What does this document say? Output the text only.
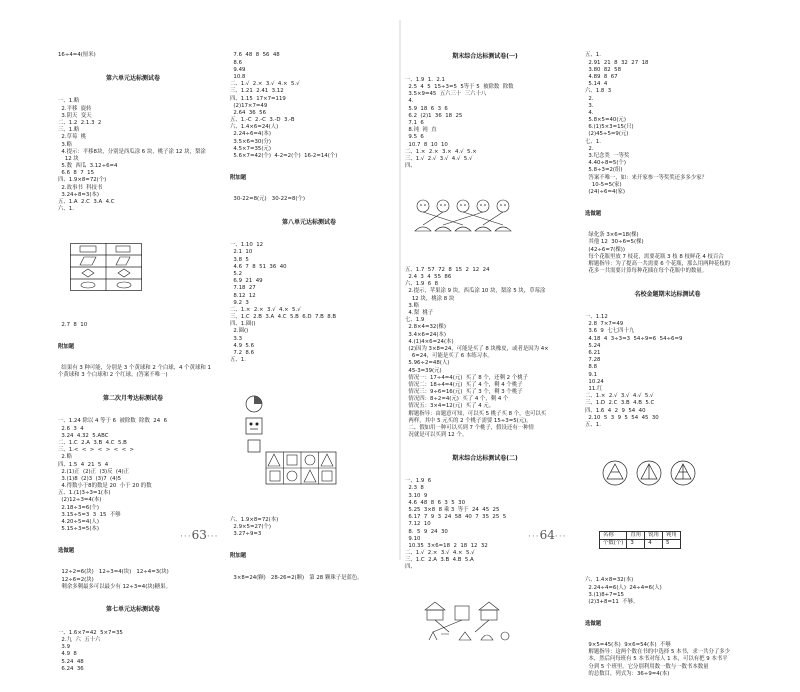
16÷4=4(厘米)

第六单元达标测试卷

一、1.略
2.平移  旋转
3.阴天  变天
二、1.2  2.1.3  2
三、1.略
2.草莓  桃
3.略
4.提示：平移8块，分别是西瓜涂 6 块，桃子涂 12 块，梨涂
12 块
5.数  西瓜  3.12÷6=4
6.6  8  7  15
四、1.9×8=72(个)
2.故事书  科技书
3.24÷8=3(本)
五、1.A  2.C  3.A  4.C
六、1.

2.7  8  10

附加题

结果有 3 种可能，分别是 3 个黄球和 2 个白球，4 个黄球和 1
个黄球和 3 个白球和 2 个红球。(答案不唯一)

第二次月考达标测试卷

一、1.24 除以 4 等于 6  被除数  除数  24  6
2.6  3  4
3.24  4.32  5.ABC
二、1.C  2.A  3.B  4.C  5.B
三、1.<  <  >  <  >  <  <  >
2.略
四、1.5  4  21  5  4
2.(1)正  (2)正  (3)反  (4)正
3.(1)8  (2)3  (3)7  (4)5
4.得数小于8的数是 20  小于 20 的数
五、1.(1)3÷3=1(本)
(2)12÷3=4(本)
2.18÷3=6(个)
3.15÷5=3  3  15  不够
4.20÷5=4(人)
5.15÷3=5(本)

选做题

12÷2=6(块)   12÷3=4(块)   12÷4=3(块)
12÷6=2(块)
剩余多剩最多可以最少有 12÷3=4(块)糖果。

第七单元达标测试卷

一、1.6×7=42  5×7=35
2.九  六  五十六
3.9
4.9  8
5.24  48
6.24  36

7.6  48  8  56  48
8.6
9.49
10.8
二、1.√  2.×  3.√  4.×  5.√
三、1.21  2.41  3.12
四、1.15  17×7=119
(2)17×7=49
2.64  36  56
五、1.-C  2.-C  3.-D  3.-B
六、1.4×6=24(人)
2.24÷6=4(本)
3.5×6=30(分)
4.5×7=35(元)
5.6×7=42(个)  4-2=2(个)  16-2=14(个)

附加题

30-22=8(元)   30-22=8(个)

第八单元达标测试卷

一、1.10  12
2.1  10
3.8  5
4.6  7  8  51  36  40
5.2
6.9  21  49
7.18  27
8.12  12
9.2  3
二、1.×  2.×  3.√  4.×  5.√
三、1.C  2.B  3.A  4.C  5.B  6.D  7.B  8.B
四、1.圈()
2.圈()
3.3
4.9  5.6
7.2  8.6
五、1.

六、1.9×8=72(本)
2.9×5=27(个)
3.27÷9=3

附加题

3×8=24(颗)   28-26=2(颗)   第 28 颗珠子是蓝色。

期末综合达标测试卷(一)

一、1.9  1.  2.1
2.5  4  5  15÷3=5  5等于 5  被除数  除数
3.5×9=45  五六三十  三六十八
4.
5.9  18  6  3  6
6.2  (2)1  36  18  25
7.1  6
8.钝  钝  直
9.5  6
10.7  8  10  10
二、1.×  2.×  3.×  4.√  5.×
三、1.√  2.√  3.√  4.√  5.√
四、

五、1.7  57  72  8  15  2  12  24
2.4  3  4  55  86
六、1.9  6  8
2.提示，苹果涂 9 块，西瓜涂 10 块，梨涂 5 块，草莓涂
12 块，桃涂 8 块
3.略
4.梨  桃子
七、1.9
2.8×4=32(棵)
3.4×6=24(本)
4.(1)4×6=24(本)
(2)因为 3×8=24，可能是买了 8 块橡皮，或者是因为 4×
6=24，可能是买了 6 本练习本。
5.96÷2=48(人)
45-3=39(元)
情况一：17÷4=4(元)  买了 8 个，还剩 2 个桃子
情况二：18÷4=4(元)  买了 4 个，剩 4 个桃子
情况三：9÷6=16(元)  买了 3 个，剩 3 个桃子
情况四：8÷2=4(元)  买了 4 个，剩 4 个
情况五：3×4=12(元)  买了 4 元。
解题指导：由题意可知，可以买 5 桃子买 8 个，也可以买
两样，其中 5 元买的 2 个桃子需要 15÷3=5(元)。
二、假如用一种可以买到 7 个桃子，假设还有一种情
况就是可以买到 12 个。

期末综合达标测试卷(二)

一、1.9  6
2.3  8
3.10  9
4.6  48  8  6  3  5  30
5.25  3×8  8 乘 3  等于  24  45  25
6.17  7  9  3  24  58  40  7  35  25  5
7.12  10
8.  5  9  24  30
9.10
10.35  3×6=18  2  18  12  32
二、1.√  2.×  3.√  4.×  5.√
三、1.C  2.A  3.B  4.B  5.A
四、

五、1.
2.91  21  8  32  27  18
3.80  82  58
4.89  8  67
5.14  4
六、1.8  3
2.
3.
4.
5.8×5=40(元)
6.(1)5×3=15(只)
(2)45÷5=9(元)
七、1.
2.
3.纪念类  一等奖
4.40÷8=5(个)
5.8÷3=2(组)
答案不唯一，如：来开家参一等奖奖还多多少家？
10-5=5(家)
(24)÷6=4(家)

选做题

绿化条 3×6=18(棵)
其他 12  30÷6=5(棵)
(42÷6=7(棵))
每个花瓶里放 7 枝花，需要花瓶 3 枝 8 枝鲜花 4 枝百合
解题指导：为了提高一共需要 6 个花瓶，那么用两种花枝的
花多一共需要计算每种花插在每个花瓶中的数量。

名校金题期末达标测试卷

一、1.12
2.8  7×7=49
3.6  9  七七四十九
4.18  4  3÷3=3  54÷9=6  54÷6=9
5.24
6.21
7.28
8.8
9.1
10.24
11.红
二、1.×  2.√  3.√  4.√  5.√
三、1.D  2.C  3.B  4.B  5.C
四、1.6  4  2  9  54  40
2.10  5  3  9  5  54  45  30
五、1.

名称	直角	锐角	钝角
个数(个)	3	4	5

六、1.4×8=32(本)
2.24÷4=6(人)  24÷4=6(人)
3.(1)8+7=15
(2)3+8=11  不够。

选做题

9×5=45(本)  9×6=54(本)  不够
解题指导：这两个数在书的中选择 5 本书，求一共分了多少
本，然后问每班有 5 本书对每人 1 本，可以有把 9 本书平
分到 5 个班里。它分别利用数一数与一数书本数量
的总数目，列式为：36÷9=4(本)

···63···	···64···
